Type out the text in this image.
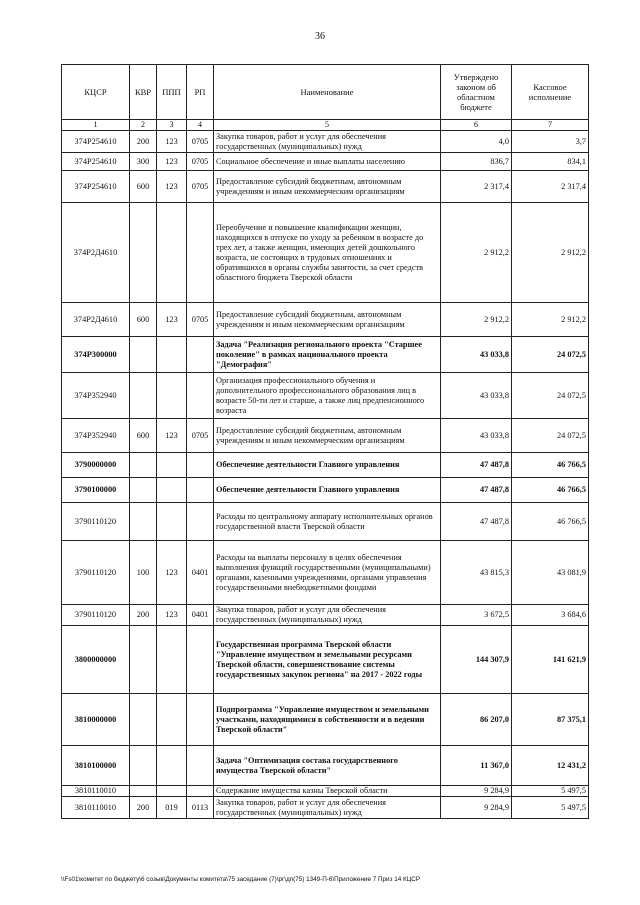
36
КЦСР	КВР	ППП	РП	Наименование	Утверждено законом об областном бюджете	Кассовое исполнение
1	2	3	4	5	6	7
374P254610	200	123	0705	Закупка товаров, работ и услуг для обеспечения государственных (муниципальных) нужд	4,0	3,7
374P254610	300	123	0705	Социальное обеспечение и иные выплаты населению	836,7	834,1
374P254610	600	123	0705	Предоставление субсидий бюджетным, автономным учреждениям и иным некоммерческим организациям	2 317,4	2 317,4
374P2Д4610				Переобучение и повышение квалификации женщин, находящихся в отпуске по уходу за ребенком в возрасте до трех лет, а также женщин, имеющих детей дошкольного возраста, не состоящих в трудовых отношениях и обратившихся в органы службы занятости, за счет средств областного бюджета Тверской области	2 912,2	2 912,2
374P2Д4610	600	123	0705	Предоставление субсидий бюджетным, автономным учреждениям и иным некоммерческим организациям	2 912,2	2 912,2
374P300000				Задача "Реализация регионального проекта "Старшее поколение" в рамках национального проекта "Демография"	43 033,8	24 072,5
374P352940				Организация профессионального обучения и дополнительного профессионального образования лиц в возрасте 50-ти лет и старше, а также лиц предпенсионного возраста	43 033,8	24 072,5
374P352940	600	123	0705	Предоставление субсидий бюджетным, автономным учреждениям и иным некоммерческим организациям	43 033,8	24 072,5
3790000000				Обеспечение деятельности Главного управления	47 487,8	46 766,5
3790100000				Обеспечение деятельности Главного управления	47 487,8	46 766,5
3790110120				Расходы по центральному аппарату исполнительных органов государственной власти Тверской области	47 487,8	46 766,5
3790110120	100	123	0401	Расходы на выплаты персоналу в целях обеспечения выполнения функций государственными (муниципальными) органами, казенными учреждениями, органами управления государственными внебюджетными фондами	43 815,3	43 081,9
3790110120	200	123	0401	Закупка товаров, работ и услуг для обеспечения государственных (муниципальных) нужд	3 672,5	3 684,6
3800000000				Государственная программа Тверской области "Управление имуществом и земельными ресурсами Тверской области, совершенствование системы государственных закупок региона" на 2017 - 2022 годы	144 307,9	141 621,9
3810000000				Подпрограмма "Управление имуществом и земельными участками, находящимися в собственности и в ведении Тверской области"	86 207,0	87 375,1
3810100000				Задача "Оптимизация состава государственного имущества Тверской области"	11 367,0	12 431,2
3810110010				Содержание имущества казны Тверской области	9 284,9	5 497,5
3810110010	200	019	0113	Закупка товаров, работ и услуг для обеспечения государственных (муниципальных) нужд	9 284,9	5 497,5
\\Fs01\комитет по бюджету\6 созыв\Документы комитета\75 заседание (7)\рг\дп(75) 1349-П-6\Приложение 7 Приз 14 КЦСР
